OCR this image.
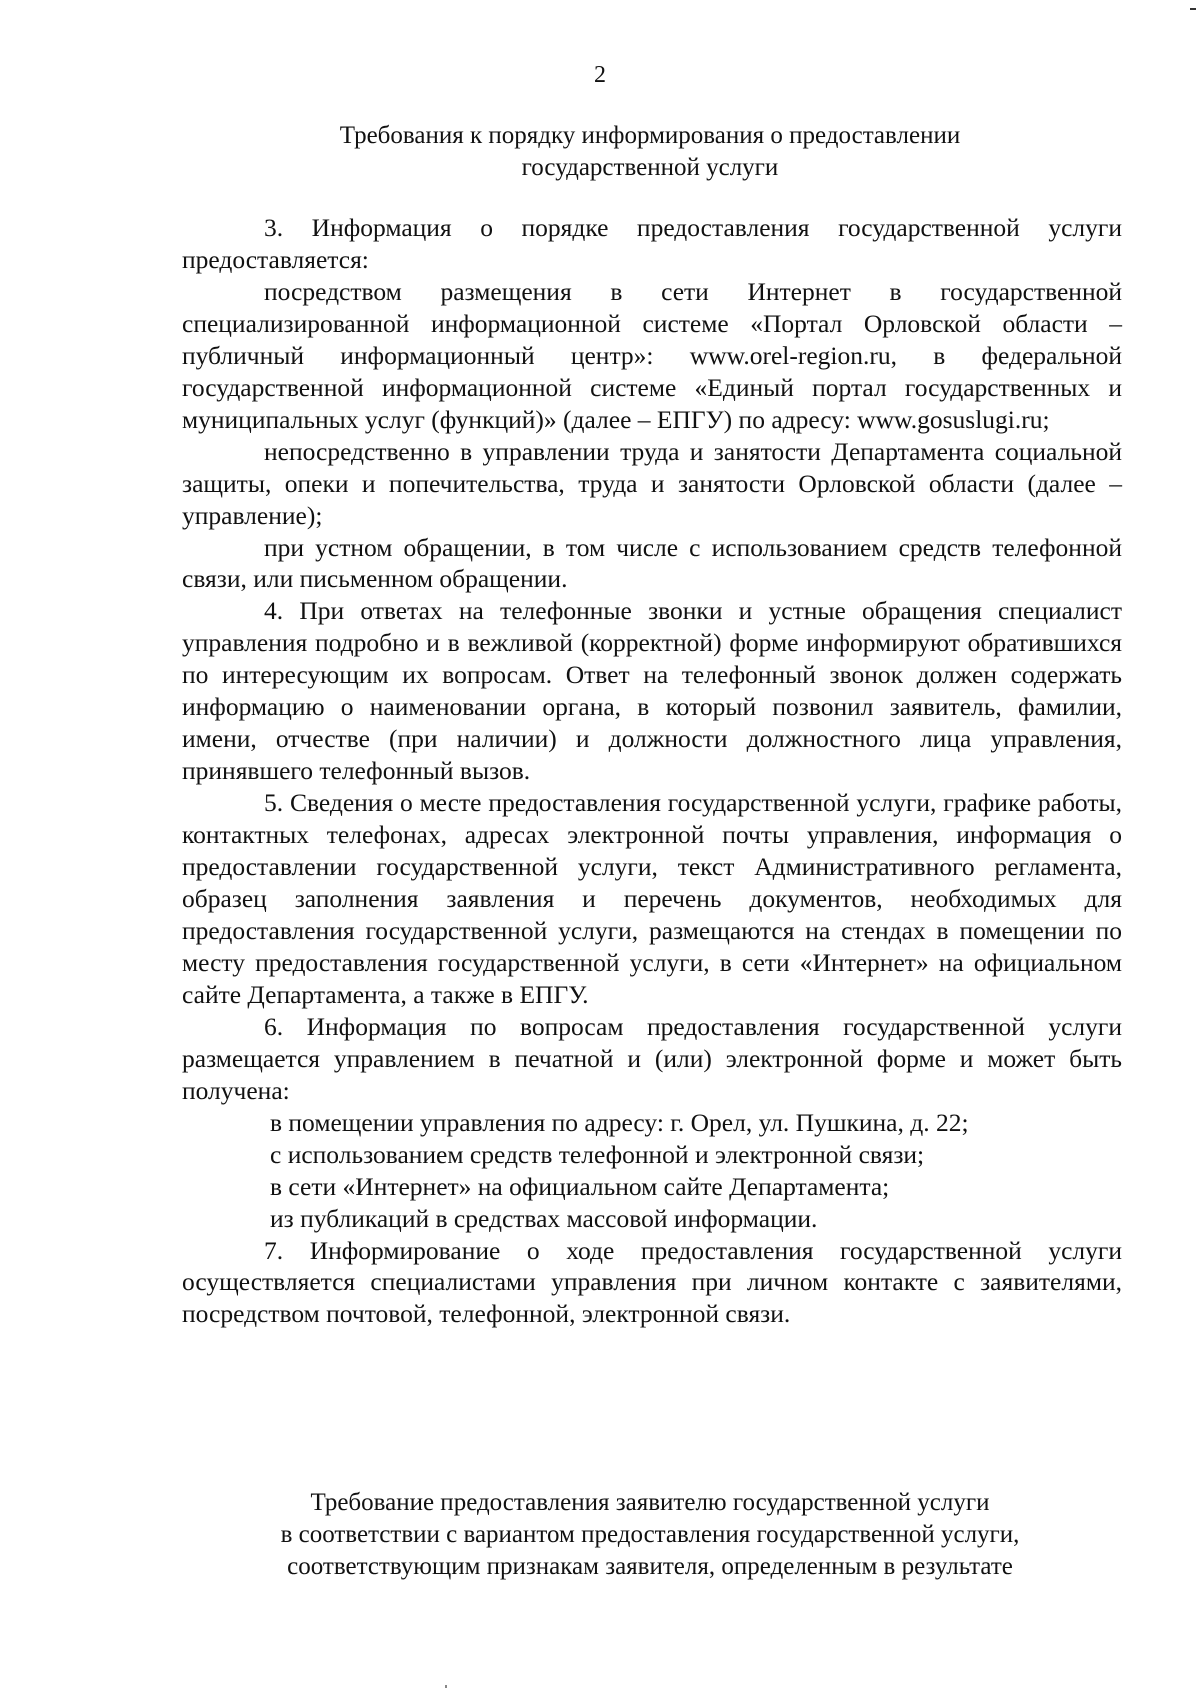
2
Требования к порядку информирования о предоставлении
государственной услуги

3. Информация о порядке предоставления государственной услуги предоставляется:

посредством размещения в сети Интернет в государственной специализированной информационной системе «Портал Орловской области – публичный информационный центр»: www.orel-region.ru, в федеральной государственной информационной системе «Единый портал государственных и муниципальных услуг (функций)» (далее – ЕПГУ) по адресу: www.gosuslugi.ru;

непосредственно в управлении труда и занятости Департамента социальной защиты, опеки и попечительства, труда и занятости Орловской области (далее – управление);

при устном обращении, в том числе с использованием средств телефонной связи, или письменном обращении.

4. При ответах на телефонные звонки и устные обращения специалист управления подробно и в вежливой (корректной) форме информируют обратившихся по интересующим их вопросам. Ответ на телефонный звонок должен содержать информацию о наименовании органа, в который позвонил заявитель, фамилии, имени, отчестве (при наличии) и должности должностного лица управления, принявшего телефонный вызов.

5. Сведения о месте предоставления государственной услуги, графике работы, контактных телефонах, адресах электронной почты управления, информация о предоставлении государственной услуги, текст Административного регламента, образец заполнения заявления и перечень документов, необходимых для предоставления государственной услуги, размещаются на стендах в помещении по месту предоставления государственной услуги, в сети «Интернет» на официальном сайте Департамента, а также в ЕПГУ.

6. Информация по вопросам предоставления государственной услуги размещается управлением в печатной и (или) электронной форме и может быть получена:

в помещении управления по адресу: г. Орел, ул. Пушкина, д. 22;

с использованием средств телефонной и электронной связи;

в сети «Интернет» на официальном сайте Департамента;

из публикаций в средствах массовой информации.

7. Информирование о ходе предоставления государственной услуги осуществляется специалистами управления при личном контакте с заявителями, посредством почтовой, телефонной, электронной связи.

Требование предоставления заявителю государственной услуги
в соответствии с вариантом предоставления государственной услуги,
соответствующим признакам заявителя, определенным в результате
